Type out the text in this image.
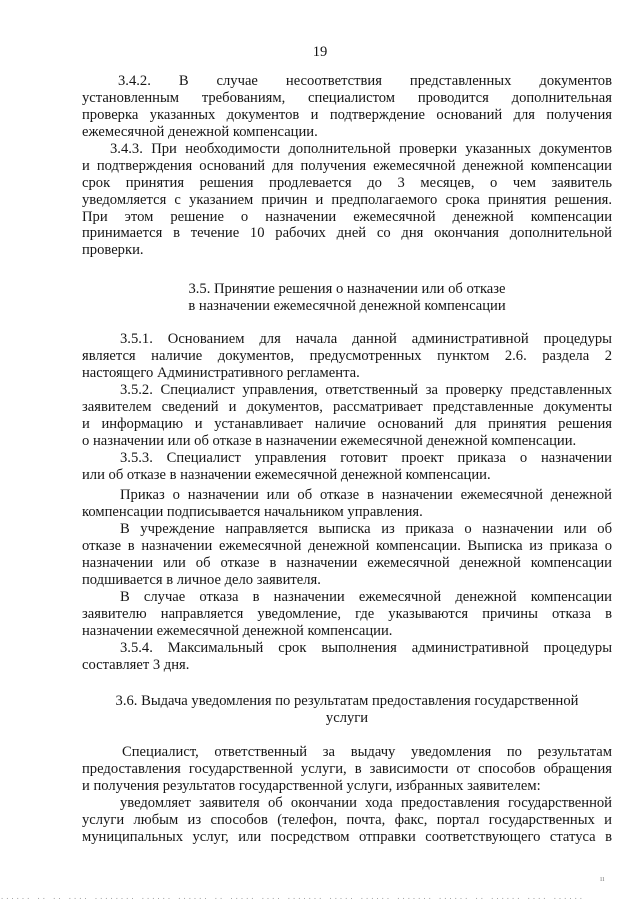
19
3.4.2. В случае несоответствия представленных документов
установленным требованиям, специалистом проводится дополнительная
проверка указанных документов и подтверждение оснований для получения
ежемесячной денежной компенсации.
3.4.3. При необходимости дополнительной проверки указанных документов
и подтверждения оснований для получения ежемесячной денежной компенсации
срок принятия решения продлевается до 3 месяцев, о чем заявитель
уведомляется с указанием причин и предполагаемого срока принятия решения.
При этом решение о назначении ежемесячной денежной компенсации
принимается в течение 10 рабочих дней со дня окончания дополнительной
проверки.
3.5. Принятие решения о назначении или об отказе
в назначении ежемесячной денежной компенсации
3.5.1. Основанием для начала данной административной процедуры
является наличие документов, предусмотренных пунктом 2.6. раздела 2
настоящего Административного регламента.
3.5.2. Специалист управления, ответственный за проверку представленных
заявителем сведений и документов, рассматривает представленные документы
и информацию и устанавливает наличие оснований для принятия решения
о назначении или об отказе в назначении ежемесячной денежной компенсации.
3.5.3. Специалист управления готовит проект приказа о назначении
или об отказе в назначении ежемесячной денежной компенсации.
Приказ о назначении или об отказе в назначении ежемесячной денежной
компенсации подписывается начальником управления.
В учреждение направляется выписка из приказа о назначении или об
отказе в назначении ежемесячной денежной компенсации. Выписка из приказа о
назначении или об отказе в назначении ежемесячной денежной компенсации
подшивается в личное дело заявителя.
В случае отказа в назначении ежемесячной денежной компенсации
заявителю направляется уведомление, где указываются причины отказа в
назначении ежемесячной денежной компенсации.
3.5.4. Максимальный срок выполнения административной процедуры
составляет 3 дня.
3.6. Выдача уведомления по результатам предоставления государственной
услуги
Специалист, ответственный за выдачу уведомления по результатам
предоставления государственной услуги, в зависимости от способов обращения
и получения результатов государственной услуги, избранных заявителем:
уведомляет заявителя об окончании хода предоставления государственной
услуги любым из способов (телефон, почта, факс, портал государственных и
муниципальных услуг, или посредством отправки соответствующего статуса в
ıı
...... .. .. .... ........ ...... ...... .. ..... .... ....... ..... ...... ....... ...... .. ...... .... ......
